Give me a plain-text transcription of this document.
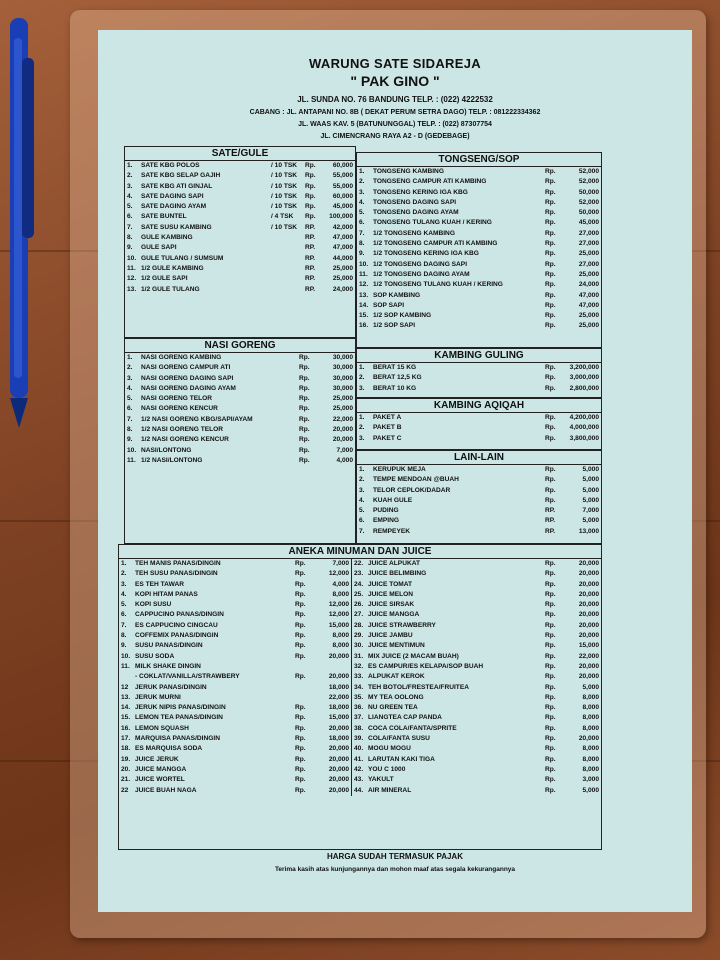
WARUNG SATE SIDAREJA
" PAK GINO "
JL. SUNDA NO. 76 BANDUNG TELP. : (022) 4222532
CABANG : JL. ANTAPANI NO. 8B ( DEKAT PERUM SETRA DAGO) TELP. : 081222334362
JL. WAAS KAV. 5 (BATUNUNGGAL) TELP. : (022) 87307754
JL. CIMENCRANG RAYA A2 - D (GEDEBAGE)
SATE/GULE
1.	SATE KBG POLOS	/ 10 TSK	Rp.	60,000
2.	SATE KBG SELAP GAJIH	/ 10 TSK	Rp.	55,000
3.	SATE KBG ATI GINJAL	/ 10 TSK	Rp.	55,000
4.	SATE DAGING SAPI	/ 10 TSK	Rp.	60,000
5.	SATE DAGING AYAM	/ 10 TSK	Rp.	45,000
6.	SATE BUNTEL	/ 4 TSK	Rp.	100,000
7.	SATE SUSU KAMBING	/ 10 TSK	RP.	42,000
8.	GULE KAMBING	RP.	47,000
9.	GULE SAPI	RP.	47,000
10. GULE TULANG / SUMSUM	RP.	44,000
11. 1/2 GULE KAMBING	RP.	25,000
12. 1/2 GULE SAPI	RP.	25,000
13. 1/2 GULE TULANG	RP.	24,000
NASI GORENG
1.	NASI GORENG KAMBING	Rp.	30,000
2.	NASI GORENG CAMPUR ATI	Rp.	30,000
3.	NASI GORENG DAGING SAPI	Rp.	30,000
4.	NASI GORENG DAGING AYAM	Rp.	30,000
5.	NASI GORENG TELOR	Rp.	25,000
6.	NASI GORENG KENCUR	Rp.	25,000
7.	1/2 NASI GORENG KBG/SAPI/AYAM	Rp.	22,000
8.	1/2 NASI GORENG TELOR	Rp.	20,000
9.	1/2 NASI GORENG KENCUR	Rp.	20,000
10. NASI/LONTONG	Rp.	7,000
11. 1/2 NASI/LONTONG	Rp.	4,000
TONGSENG/SOP
1.	TONGSENG KAMBING	Rp.	52,000
2.	TONGSENG CAMPUR ATI KAMBING	Rp.	52,000
3.	TONGSENG KERING IGA KBG	Rp.	50,000
4.	TONGSENG DAGING SAPI	Rp.	52,000
5.	TONGSENG DAGING AYAM	Rp.	50,000
6.	TONGSENG TULANG KUAH / KERING	Rp.	45,000
7.	1/2 TONGSENG KAMBING	Rp.	27,000
8.	1/2 TONGSENG CAMPUR ATI KAMBING	Rp.	27,000
9.	1/2 TONGSENG KERING IGA KBG	Rp.	25,000
10. 1/2 TONGSENG DAGING SAPI	Rp.	27,000
11. 1/2 TONGSENG DAGING AYAM	Rp.	25,000
12. 1/2 TONGSENG TULANG KUAH / KERING	Rp.	24,000
13. SOP KAMBING	Rp.	47,000
14. SOP SAPI	Rp.	47,000
15. 1/2 SOP KAMBING	Rp.	25,000
16. 1/2 SOP SAPI	Rp.	25,000
KAMBING GULING
1.	BERAT 15 KG	Rp.	3,200,000
2.	BERAT 12,5 KG	Rp.	3,000,000
3.	BERAT 10 KG	Rp.	2,800,000
KAMBING AQIQAH
1.	PAKET A	Rp.	4,200,000
2.	PAKET B	Rp.	4,000,000
3.	PAKET C	Rp.	3,800,000
LAIN-LAIN
1.	KERUPUK MEJA	Rp.	5,000
2.	TEMPE MENDOAN @BUAH	Rp.	5,000
3.	TELOR CEPLOK/DADAR	Rp.	5,000
4.	KUAH GULE	Rp.	5,000
5.	PUDING	RP.	7,000
6.	EMPING	RP.	5,000
7.	REMPEYEK	RP.	13,000
ANEKA MINUMAN DAN JUICE
1.	TEH MANIS PANAS/DINGIN	Rp.	7,000
2.	TEH SUSU PANAS/DINGIN	Rp.	12,000
3.	ES TEH TAWAR	Rp.	4,000
4.	KOPI HITAM PANAS	Rp.	8,000
5.	KOPI SUSU	Rp.	12,000
6.	CAPPUCINO PANAS/DINGIN	Rp.	12,000
7.	ES CAPPUCINO CINGCAU	Rp.	15,000
8.	COFFEMIX PANAS/DINGIN	Rp.	8,000
9.	SUSU PANAS/DINGIN	Rp.	8,000
10. SUSU SODA	Rp.	20,000
11. MILK SHAKE DINGIN
- COKLAT/VANILLA/STRAWBERY	Rp.	20,000
12	JERUK PANAS/DINGIN	18,000
13. JERUK MURNI	22,000
14. JERUK NIPIS PANAS/DINGIN	Rp.	18,000
15. LEMON TEA PANAS/DINGIN	Rp.	15,000
16. LEMON SQUASH	Rp.	20,000
17. MARQUISA PANAS/DINGIN	Rp.	18,000
18. ES MARQUISA SODA	Rp.	20,000
19. JUICE JERUK	Rp.	20,000
20. JUICE MANGGA	Rp.	20,000
21. JUICE WORTEL	Rp.	20,000
22	JUICE BUAH NAGA	Rp.	20,000
22. JUICE ALPUKAT	Rp.	20,000
23. JUICE BELIMBING	Rp.	20,000
24. JUICE TOMAT	Rp.	20,000
25. JUICE MELON	Rp.	20,000
26. JUICE SIRSAK	Rp.	20,000
27. JUICE MANGGA	Rp.	20,000
28. JUICE STRAWBERRY	Rp.	20,000
29. JUICE JAMBU	Rp.	20,000
30. JUICE MENTIMUN	Rp.	15,000
31. MIX JUICE (2 MACAM BUAH)	Rp.	22,000
32. ES CAMPUR/ES KELAPA/SOP BUAH	Rp.	20,000
33. ALPUKAT KEROK	Rp.	20,000
34. TEH BOTOL/FRESTEA/FRUITEA	Rp.	5,000
35. MY TEA OOLONG	Rp.	8,000
36. NU GREEN TEA	Rp.	8,000
37. LIANGTEA CAP PANDA	Rp.	8,000
38. COCA COLA/FANTA/SPRITE	Rp.	8,000
39. COLA/FANTA SUSU	Rp.	20,000
40. MOGU MOGU	Rp.	8,000
41. LARUTAN KAKI TIGA	Rp.	8,000
42. YOU C 1000	Rp.	8,000
43. YAKULT	Rp.	3,000
44. AIR MINERAL	Rp.	5,000
HARGA SUDAH TERMASUK PAJAK
Terima kasih atas kunjungannya dan mohon maaf atas segala kekurangannya
